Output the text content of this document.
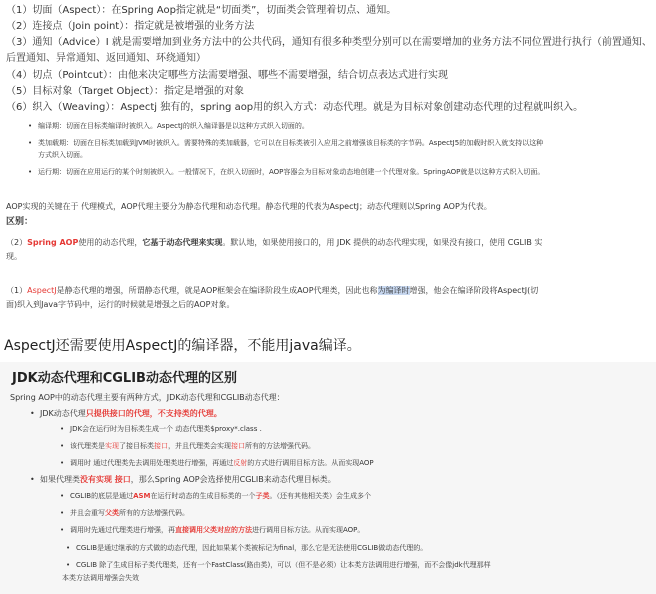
（1）切面（Aspect）：在Spring Aop指定就是“切面类”，切面类会管理着切点、通知。
（2）连接点（Join point）：指定就是被增强的业务方法
（3）通知（Advice）I 就是需要增加到业务方法中的公共代码，通知有很多种类型分别可以在需要增加的业务方法不同位置进行执行（前置通知、
后置通知、异常通知、返回通知、环绕通知）
（4）切点（Pointcut）：由他来决定哪些方法需要增强、哪些不需要增强，结合切点表达式进行实现
（5）目标对象（Target Object）：指定是增强的对象
（6）织入（Weaving）：Aspectj 独有的，spring aop用的织入方式：动态代理。就是为目标对象创建动态代理的过程就叫织入。
• 编译期：切面在目标类编译时被织入。AspectJ的织入编译器是以这种方式织入切面的。
• 类加载期：切面在目标类加载到JVM时被织入。需要特殊的类加载器，它可以在目标类被引入应用之前增强该目标类的字节码。AspectJ5的加载时织入就支持以这种
方式织入切面。
• 运行期：切面在应用运行的某个时刻被织入。一般情况下，在织入切面时，AOP容器会为目标对象动态地创建一个代理对象。SpringAOP就是以这种方式织入切面。
AOP实现的关键在于 代理模式，AOP代理主要分为静态代理和动态代理。静态代理的代表为AspectJ；动态代理则以Spring AOP为代表。
区别：
（2）Spring AOP使用的动态代理，它基于动态代理来实现。默认地，如果使用接口的，用 JDK 提供的动态代理实现，如果没有接口，使用 CGLIB 实
现。
（1）AspectJ是静态代理的增强，所谓静态代理，就是AOP框架会在编译阶段生成AOP代理类，因此也称为编译时增强，他会在编译阶段将AspectJ(切
面)织入到Java字节码中，运行的时候就是增强之后的AOP对象。
AspectJ还需要使用AspectJ的编译器，不能用java编译。
JDK动态代理和CGLIB动态代理的区别
Spring AOP中的动态代理主要有两种方式，JDK动态代理和CGLIB动态代理：
• JDK动态代理只提供接口的代理，不支持类的代理。
• JDK会在运行时为目标类生成一个 动态代理类$proxy*.class .
• 该代理类是实现了接目标类接口，并且代理类会实现接口所有的方法增强代码。
• 调用时 通过代理类先去调用处理类进行增强，再通过反射的方式进行调用目标方法。从而实现AOP
• 如果代理类没有实现 接口，那么Spring AOP会选择使用CGLIB来动态代理目标类。
• CGLIB的底层是通过ASM在运行时动态的生成目标类的一个子类。（还有其他相关类）会生成多个
• 并且会重写父类所有的方法增强代码。
• 调用时先通过代理类进行增强，再直接调用父类对应的方法进行调用目标方法。从而实现AOP。
• CGLIB是通过继承的方式做的动态代理，因此如果某个类被标记为final，那么它是无法使用CGLIB做动态代理的。
• CGLIB 除了生成目标子类代理类，还有一个FastClass(路由类)，可以（但不是必须）让本类方法调用进行增强，而不会像jdk代理那样
本类方法调用增强会失效
